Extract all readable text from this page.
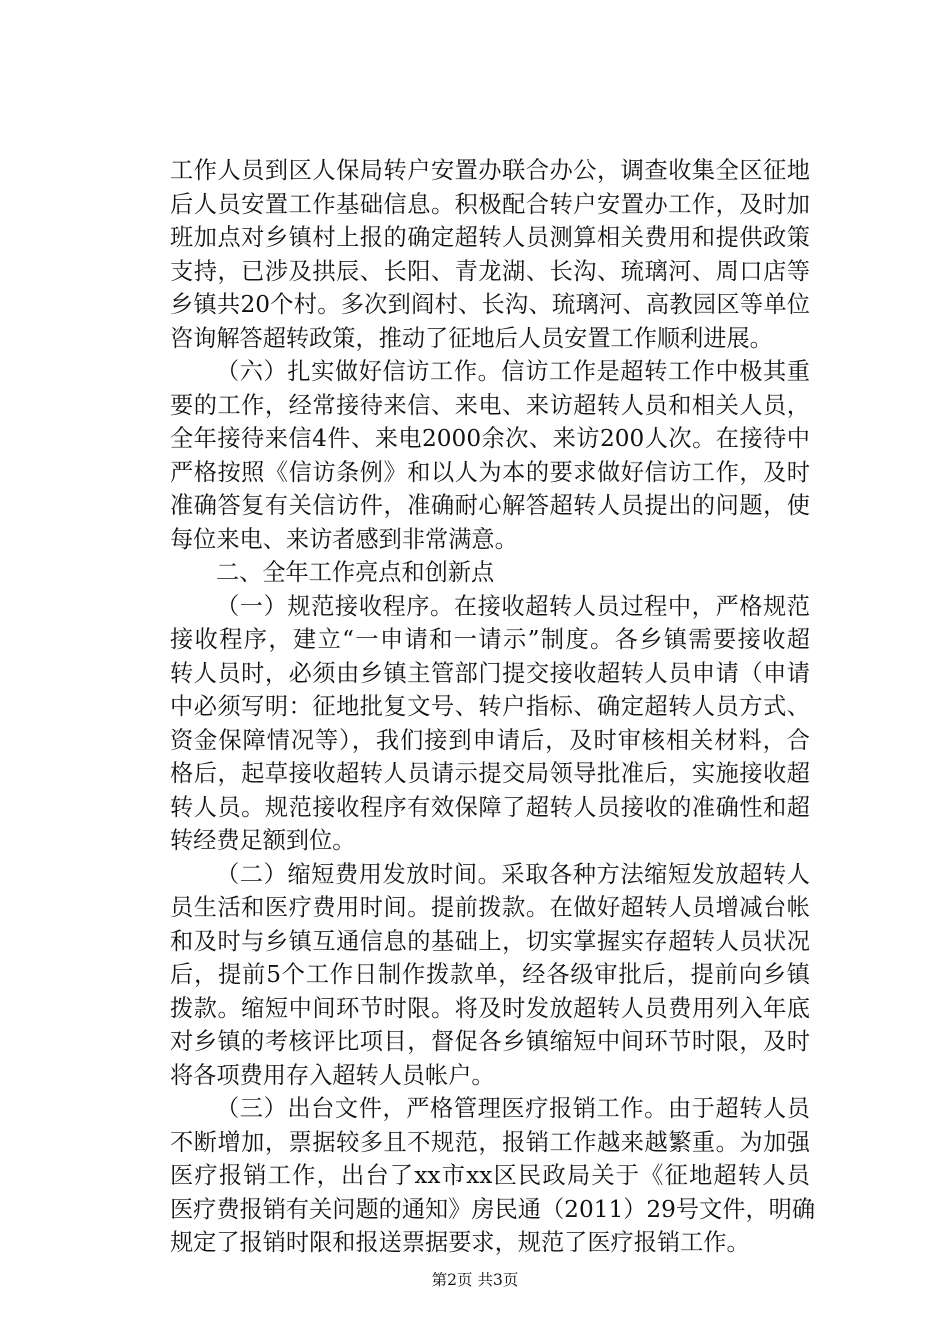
工作人员到区人保局转户安置办联合办公，调查收集全区征地
后人员安置工作基础信息。积极配合转户安置办工作，及时加
班加点对乡镇村上报的确定超转人员测算相关费用和提供政策
支持，已涉及拱辰、长阳、青龙湖、长沟、琉璃河、周口店等
乡镇共20个村。多次到阎村、长沟、琉璃河、高教园区等单位
咨询解答超转政策，推动了征地后人员安置工作顺利进展。
（六）扎实做好信访工作。信访工作是超转工作中极其重
要的工作，经常接待来信、来电、来访超转人员和相关人员，
全年接待来信4件、来电2000余次、来访200人次。在接待中
严格按照《信访条例》和以人为本的要求做好信访工作，及时
准确答复有关信访件，准确耐心解答超转人员提出的问题，使
每位来电、来访者感到非常满意。
二、全年工作亮点和创新点
（一）规范接收程序。在接收超转人员过程中，严格规范
接收程序，建立“一申请和一请示”制度。各乡镇需要接收超
转人员时，必须由乡镇主管部门提交接收超转人员申请（申请
中必须写明：征地批复文号、转户指标、确定超转人员方式、
资金保障情况等），我们接到申请后，及时审核相关材料，合
格后，起草接收超转人员请示提交局领导批准后，实施接收超
转人员。规范接收程序有效保障了超转人员接收的准确性和超
转经费足额到位。
（二）缩短费用发放时间。采取各种方法缩短发放超转人
员生活和医疗费用时间。提前拨款。在做好超转人员增减台帐
和及时与乡镇互通信息的基础上，切实掌握实存超转人员状况
后，提前5个工作日制作拨款单，经各级审批后，提前向乡镇
拨款。缩短中间环节时限。将及时发放超转人员费用列入年底
对乡镇的考核评比项目，督促各乡镇缩短中间环节时限，及时
将各项费用存入超转人员帐户。
（三）出台文件，严格管理医疗报销工作。由于超转人员
不断增加，票据较多且不规范，报销工作越来越繁重。为加强
医疗报销工作，出台了xx市xx区民政局关于《征地超转人员
医疗费报销有关问题的通知》房民通（2011）29号文件，明确
规定了报销时限和报送票据要求，规范了医疗报销工作。
第2页 共3页
